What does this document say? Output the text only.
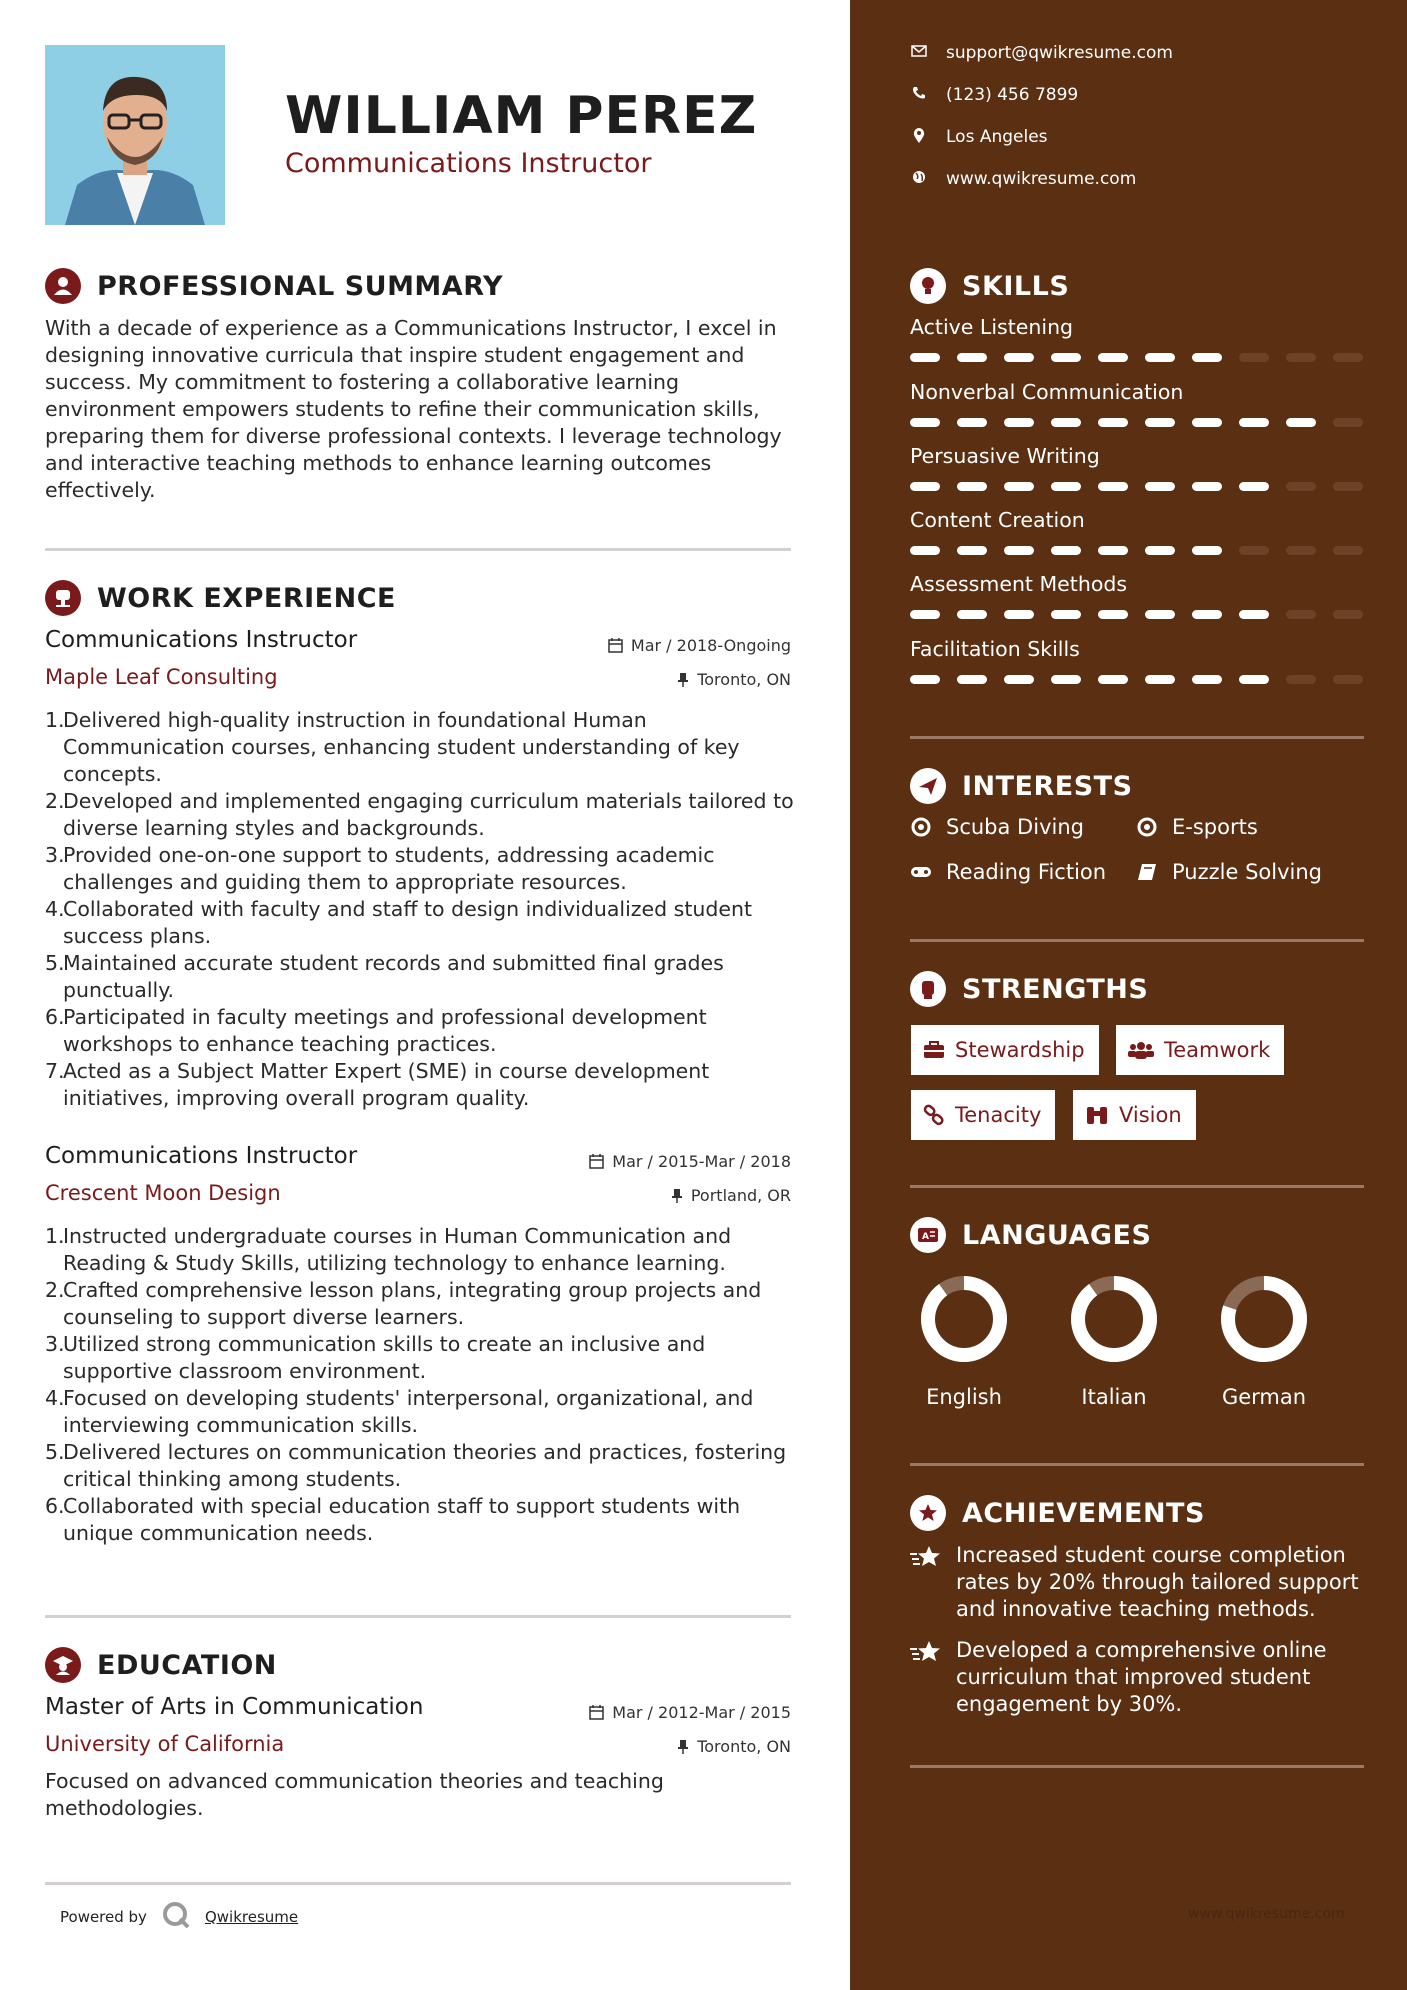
WILLIAM PEREZ
Communications Instructor
PROFESSIONAL SUMMARY
With a decade of experience as a Communications Instructor, I excel in designing innovative curricula that inspire student engagement and success. My commitment to fostering a collaborative learning environment empowers students to refine their communication skills, preparing them for diverse professional contexts. I leverage technology and interactive teaching methods to enhance learning outcomes effectively.
WORK EXPERIENCE
Communications Instructor	Mar / 2018-Ongoing
Maple Leaf Consulting	Toronto, ON
Delivered high-quality instruction in foundational Human Communication courses, enhancing student understanding of key concepts.
Developed and implemented engaging curriculum materials tailored to diverse learning styles and backgrounds.
Provided one-on-one support to students, addressing academic challenges and guiding them to appropriate resources.
Collaborated with faculty and staff to design individualized student success plans.
Maintained accurate student records and submitted final grades punctually.
Participated in faculty meetings and professional development workshops to enhance teaching practices.
Acted as a Subject Matter Expert (SME) in course development initiatives, improving overall program quality.
Communications Instructor	Mar / 2015-Mar / 2018
Crescent Moon Design	Portland, OR
Instructed undergraduate courses in Human Communication and Reading & Study Skills, utilizing technology to enhance learning.
Crafted comprehensive lesson plans, integrating group projects and counseling to support diverse learners.
Utilized strong communication skills to create an inclusive and supportive classroom environment.
Focused on developing students' interpersonal, organizational, and interviewing communication skills.
Delivered lectures on communication theories and practices, fostering critical thinking among students.
Collaborated with special education staff to support students with unique communication needs.
EDUCATION
Master of Arts in Communication	Mar / 2012-Mar / 2015
University of California	Toronto, ON
Focused on advanced communication theories and teaching methodologies.
Powered by	Qwikresume
support@qwikresume.com
(123) 456 7899
Los Angeles
www.qwikresume.com
SKILLS
Active Listening
Nonverbal Communication
Persuasive Writing
Content Creation
Assessment Methods
Facilitation Skills
INTERESTS
Scuba Diving	E-sports
Reading Fiction	Puzzle Solving
STRENGTHS
Stewardship	Teamwork
Tenacity	Vision
A LANGUAGES
English	Italian	German
ACHIEVEMENTS
Increased student course completion rates by 20% through tailored support and innovative teaching methods.
Developed a comprehensive online curriculum that improved student engagement by 30%.
www.qwikresume.com
